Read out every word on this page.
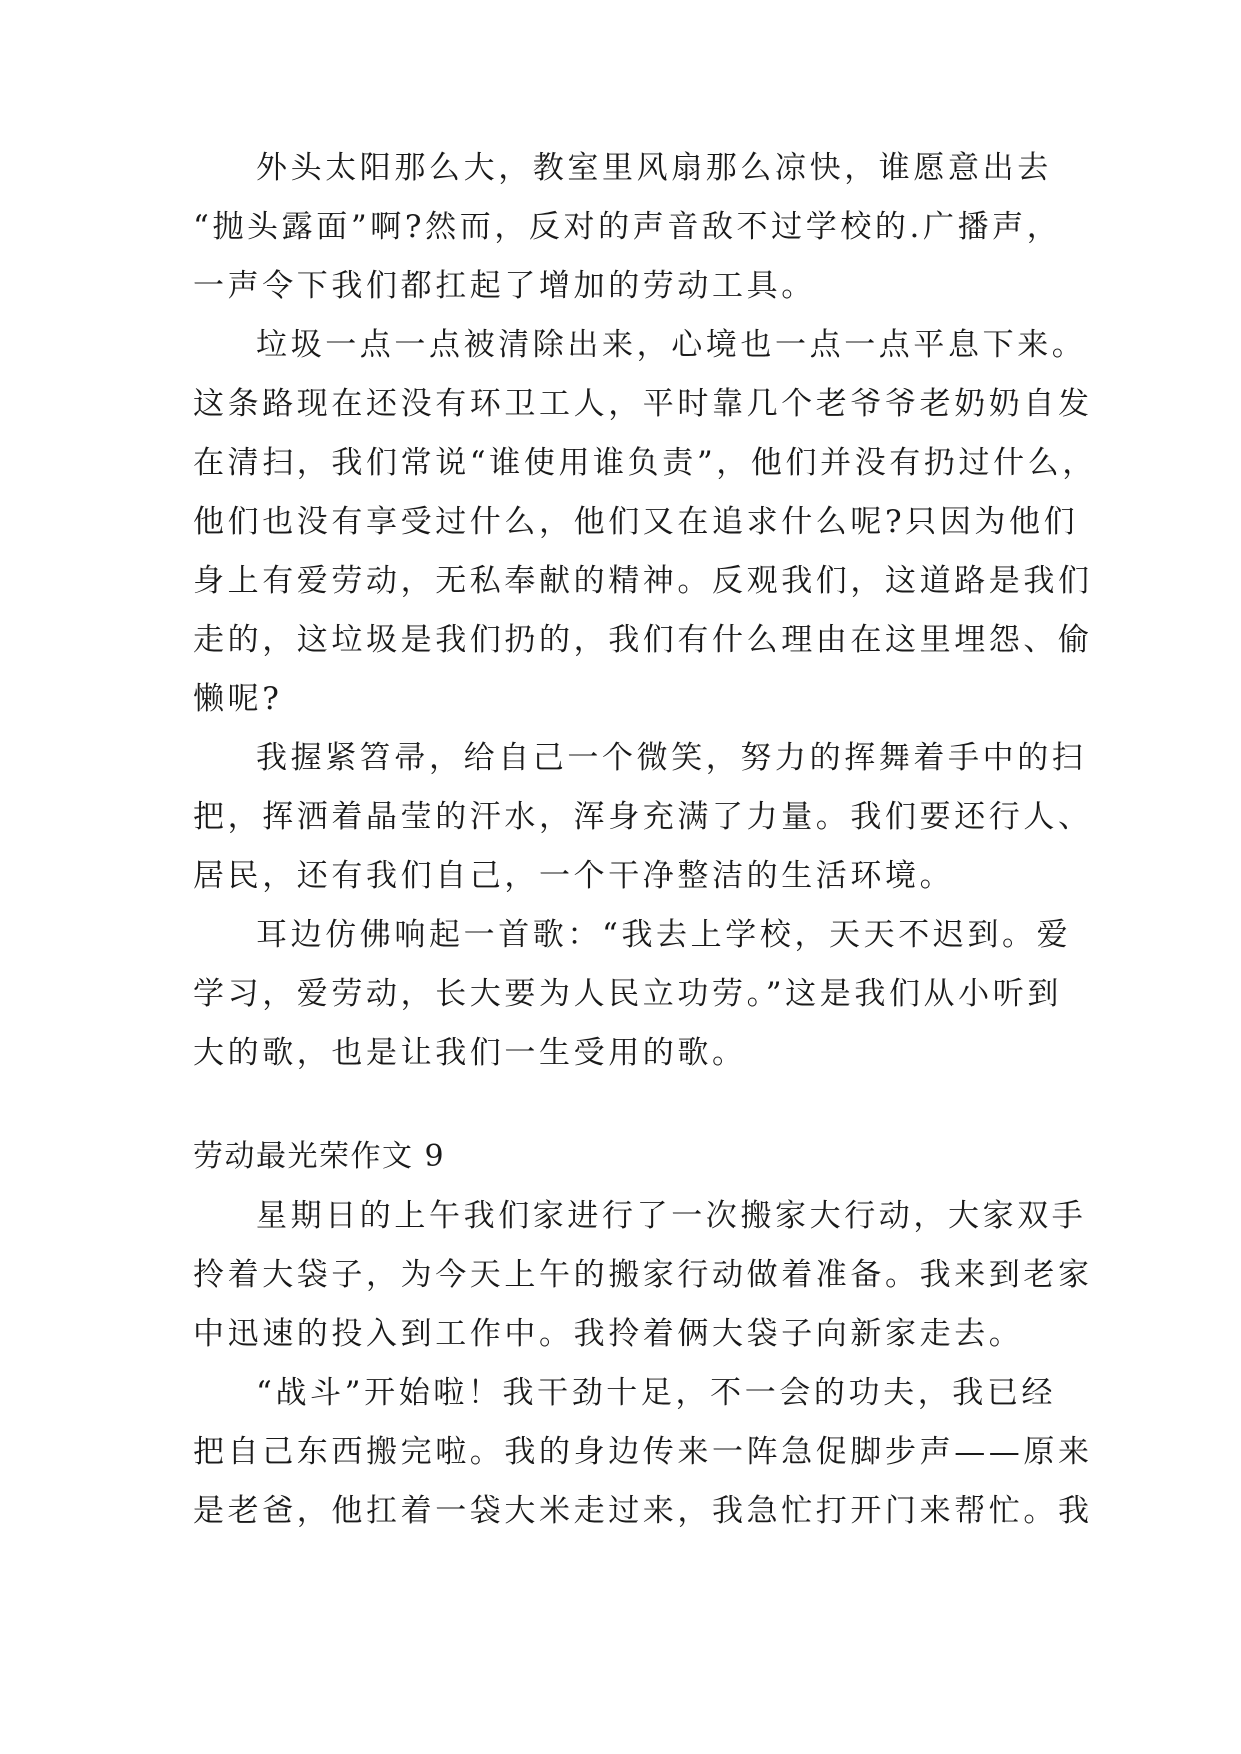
外头太阳那么大，教室里风扇那么凉快，谁愿意出去
“抛头露面”啊?然而，反对的声音敌不过学校的.广播声，
一声令下我们都扛起了增加的劳动工具。
垃圾一点一点被清除出来，心境也一点一点平息下来。
这条路现在还没有环卫工人，平时靠几个老爷爷老奶奶自发
在清扫，我们常说“谁使用谁负责”，他们并没有扔过什么，
他们也没有享受过什么，他们又在追求什么呢?只因为他们
身上有爱劳动，无私奉献的精神。反观我们，这道路是我们
走的，这垃圾是我们扔的，我们有什么理由在这里埋怨、偷
懒呢?
我握紧笤帚，给自己一个微笑，努力的挥舞着手中的扫
把，挥洒着晶莹的汗水，浑身充满了力量。我们要还行人、
居民，还有我们自己，一个干净整洁的生活环境。
耳边仿佛响起一首歌：“我去上学校，天天不迟到。爱
学习，爱劳动，长大要为人民立功劳。”这是我们从小听到
大的歌，也是让我们一生受用的歌。
劳动最光荣作文 9
星期日的上午我们家进行了一次搬家大行动，大家双手
拎着大袋子，为今天上午的搬家行动做着准备。我来到老家
中迅速的投入到工作中。我拎着俩大袋子向新家走去。
“战斗”开始啦！我干劲十足，不一会的功夫，我已经
把自己东西搬完啦。我的身边传来一阵急促脚步声——原来
是老爸，他扛着一袋大米走过来，我急忙打开门来帮忙。我
